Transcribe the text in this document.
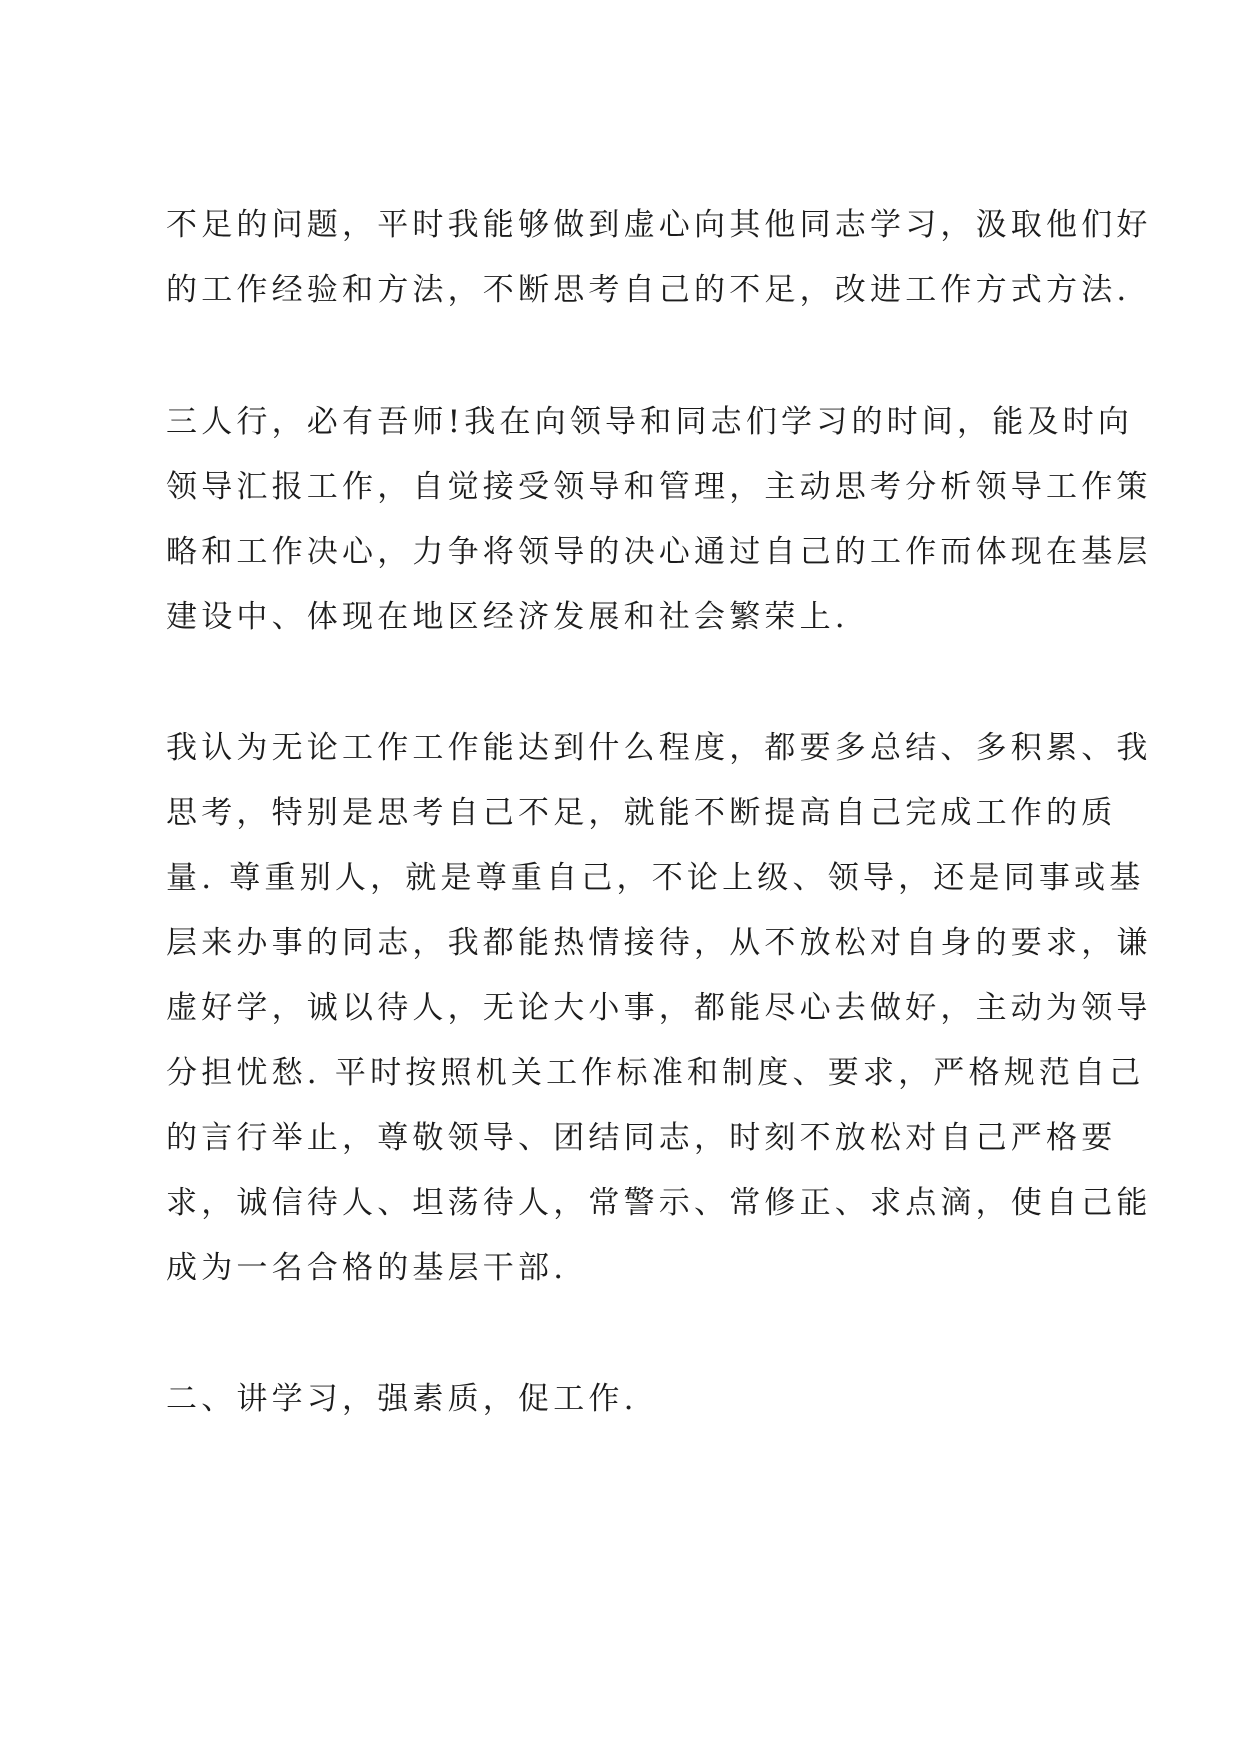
不足的问题，平时我能够做到虚心向其他同志学习，汲取他们好

的工作经验和方法，不断思考自己的不足，改进工作方式方法.

三人行，必有吾师!我在向领导和同志们学习的时间，能及时向

领导汇报工作，自觉接受领导和管理，主动思考分析领导工作策

略和工作决心，力争将领导的决心通过自己的工作而体现在基层

建设中、体现在地区经济发展和社会繁荣上.

我认为无论工作工作能达到什么程度，都要多总结、多积累、我

思考，特别是思考自己不足，就能不断提高自己完成工作的质

量. 尊重别人，就是尊重自己，不论上级、领导，还是同事或基

层来办事的同志，我都能热情接待，从不放松对自身的要求，谦

虚好学，诚以待人，无论大小事，都能尽心去做好，主动为领导

分担忧愁. 平时按照机关工作标准和制度、要求，严格规范自己

的言行举止，尊敬领导、团结同志，时刻不放松对自己严格要

求，诚信待人、坦荡待人，常警示、常修正、求点滴，使自己能

成为一名合格的基层干部.

二、讲学习，强素质，促工作.
